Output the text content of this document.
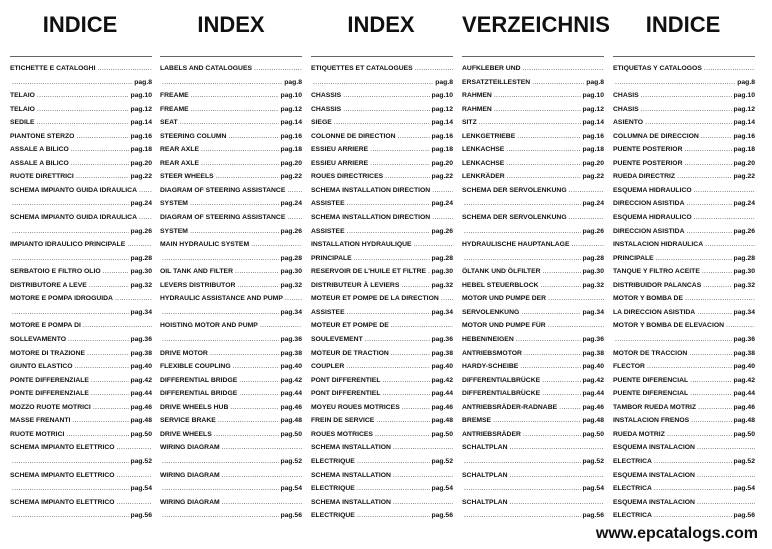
INDICE	INDEX	INDEX	VERZEICHNIS	INDICE
ETICHETTE E CATALOGHI
.....
.....
pag.8
TELAIO .....	pag.10
TELAIO .....	pag.12
SEDILE .....	pag.14
PIANTONE STERZO .....	pag.16
ASSALE A BILICO .....	pag.18
ASSALE A BILICO .....	pag.20
RUOTE DIRETTRICI .....	pag.22
SCHEMA IMPIANTO GUIDA IDRAULICA
.....
.....
pag.24
SCHEMA IMPIANTO GUIDA IDRAULICA
.....
.....
pag.26
IMPIANTO IDRAULICO PRINCIPALE
.....
.....
pag.28
SERBATOIO E FILTRO OLIO .....	pag.30
DISTRIBUTORE A LEVE .....	pag.32
MOTORE E POMPA IDROGUIDA
.....
.....
pag.34
MOTORE E POMPA DI
.....
SOLLEVAMENTO .....	pag.36
MOTORE DI TRAZIONE .....	pag.38
GIUNTO ELASTICO .....	pag.40
PONTE DIFFERENZIALE .....	pag.42
PONTE DIFFERENZIALE .....	pag.44
MOZZO RUOTE MOTRICI .....	pag.46
MASSE FRENANTI .....	pag.48
RUOTE MOTRICI .....	pag.50
SCHEMA IMPIANTO ELETTRICO
.....
.....
pag.52
SCHEMA IMPIANTO ELETTRICO
.....
.....
pag.54
SCHEMA IMPIANTO ELETTRICO
.....
.....
pag.56
LABELS AND CATALOGUES
.....
.....
pag.8
FREAME .....	pag.10
FREAME .....	pag.12
SEAT .....	pag.14
STEERING COLUMN .....	pag.16
REAR AXLE .....	pag.18
REAR AXLE .....	pag.20
STEER WHEELS .....	pag.22
DIAGRAM OF STEERING ASSISTANCE
.....
SYSTEM .....	pag.24
DIAGRAM OF STEERING ASSISTANCE
.....
SYSTEM .....	pag.26
MAIN HYDRAULIC SYSTEM
.....
.....
pag.28
OIL TANK AND FILTER .....	pag.30
LEVERS DISTRIBUTOR .....	pag.32
HYDRAULIC ASSISTANCE AND PUMP
.....
.....
pag.34
HOISTING MOTOR AND PUMP
.....
.....
pag.36
DRIVE MOTOR .....	pag.38
FLEXIBLE COUPLING .....	pag.40
DIFFERENTIAL BRIDGE .....	pag.42
DIFFERENTIAL BRIDGE .....	pag.44
DRIVE WHEELS HUB .....	pag.46
SERVICE BRAKE .....	pag.48
DRIVE WHEELS .....	pag.50
WIRING DIAGRAM
.....
.....
pag.52
WIRING DIAGRAM
.....
.....
pag.54
WIRING DIAGRAM
.....
.....
pag.56
ETIQUETTES ET CATALOGUES
.....
.....
pag.8
CHASSIS .....	pag.10
CHASSIS .....	pag.12
SIEGE .....	pag.14
COLONNE DE DIRECTION .....	pag.16
ESSIEU ARRIERE .....	pag.18
ESSIEU ARRIERE .....	pag.20
ROUES DIRECTRICES .....	pag.22
SCHEMA INSTALLATION DIRECTION
.....
ASSISTEE .....	pag.24
SCHEMA INSTALLATION DIRECTION
.....
ASSISTEE .....	pag.26
INSTALLATION HYDRAULIQUE
.....
PRINCIPALE .....	pag.28
RESERVOIR DE L'HUILE ET FILTRE ..... pag.30
DISTRIBUTEUR À LEVIERS .....	pag.32
MOTEUR ET POMPE DE LA DIRECTION
.....
ASSISTEE .....	pag.34
MOTEUR ET POMPE DE
.....
SOULEVEMENT .....	pag.36
MOTEUR DE TRACTION .....	pag.38
COUPLER .....	pag.40
PONT DIFFERENTIEL .....	pag.42
PONT DIFFERENTIEL .....	pag.44
MOYEU ROUES MOTRICES .....	pag.46
FREIN DE SERVICE .....	pag.48
ROUES MOTRICES .....	pag.50
SCHEMA INSTALLATION
.....
ELECTRIQUE .....	pag.52
SCHEMA INSTALLATION
.....
ELECTRIQUE .....	pag.54
SCHEMA INSTALLATION
.....
ELECTRIQUE .....	pag.56
AUFKLEBER UND
.....
ERSATZTEILLESTEN .....	pag.8
RAHMEN .....	pag.10
RAHMEN .....	pag.12
SITZ .....	pag.14
LENKGETRIEBE .....	pag.16
LENKACHSE .....	pag.18
LENKACHSE .....	pag.20
LENKRÄDER .....	pag.22
SCHEMA DER SERVOLENKUNG
.....
.....
pag.24
SCHEMA DER SERVOLENKUNG
.....
.....
pag.26
HYDRAULISCHE HAUPTANLAGE
.....
.....
pag.28
ÖLTANK UND ÖLFILTER .....	pag.30
HEBEL STEUERBLOCK .....	pag.32
MOTOR UND PUMPE DER
.....
SERVOLENKUNG .....	pag.34
MOTOR UND PUMPE FÜR
.....
HEBEN/NEIGEN .....	pag.36
ANTRIEBSMOTOR .....	pag.38
HARDY-SCHEIBE .....	pag.40
DIFFERENTIALBRÜCKE .....	pag.42
DIFFERENTIALBRÜCKE .....	pag.44
ANTRIEBSRÄDER-RADNABE .....	pag.46
BREMSE .....	pag.48
ANTRIEBSRÄDER .....	pag.50
SCHALTPLAN
.....
.....
pag.52
SCHALTPLAN
.....
.....
pag.54
SCHALTPLAN
.....
.....
pag.56
ETIQUETAS Y CATALOGOS
.....
.....
pag.8
CHASIS .....	pag.10
CHASIS .....	pag.12
ASIENTO .....	pag.14
COLUMNA DE DIRECCION .....	pag.16
PUENTE POSTERIOR .....	pag.18
PUENTE POSTERIOR .....	pag.20
RUEDA DIRECTRIZ .....	pag.22
ESQUEMA HIDRAULICO
.....
DIRECCION ASISTIDA .....	pag.24
ESQUEMA HIDRAULICO
.....
DIRECCION ASISTIDA .....	pag.26
INSTALACION HIDRAULICA
.....
PRINCIPALE .....	pag.28
TANQUE Y FILTRO ACEITE .....	pag.30
DISTRIBUIDOR PALANCAS .....	pag.32
MOTOR Y BOMBA DE
.....
LA DIRECCION ASISTIDA .....	pag.34
MOTOR Y BOMBA DE ELEVACION
.....
.....
pag.36
MOTOR DE TRACCION .....	pag.38
FLECTOR .....	pag.40
PUENTE DIFERENCIAL .....	pag.42
PUENTE DIFERENCIAL .....	pag.44
TAMBOR RUEDA MOTRIZ .....	pag.46
INSTALACION FRENOS .....	pag.48
RUEDA MOTRIZ .....	pag.50
ESQUEMA INSTALACION
.....
ELECTRICA .....	pag.52
ESQUEMA INSTALACION
.....
ELECTRICA .....	pag.54
ESQUEMA INSTALACION
.....
ELECTRICA .....	pag.56
www.epcatalogs.com
